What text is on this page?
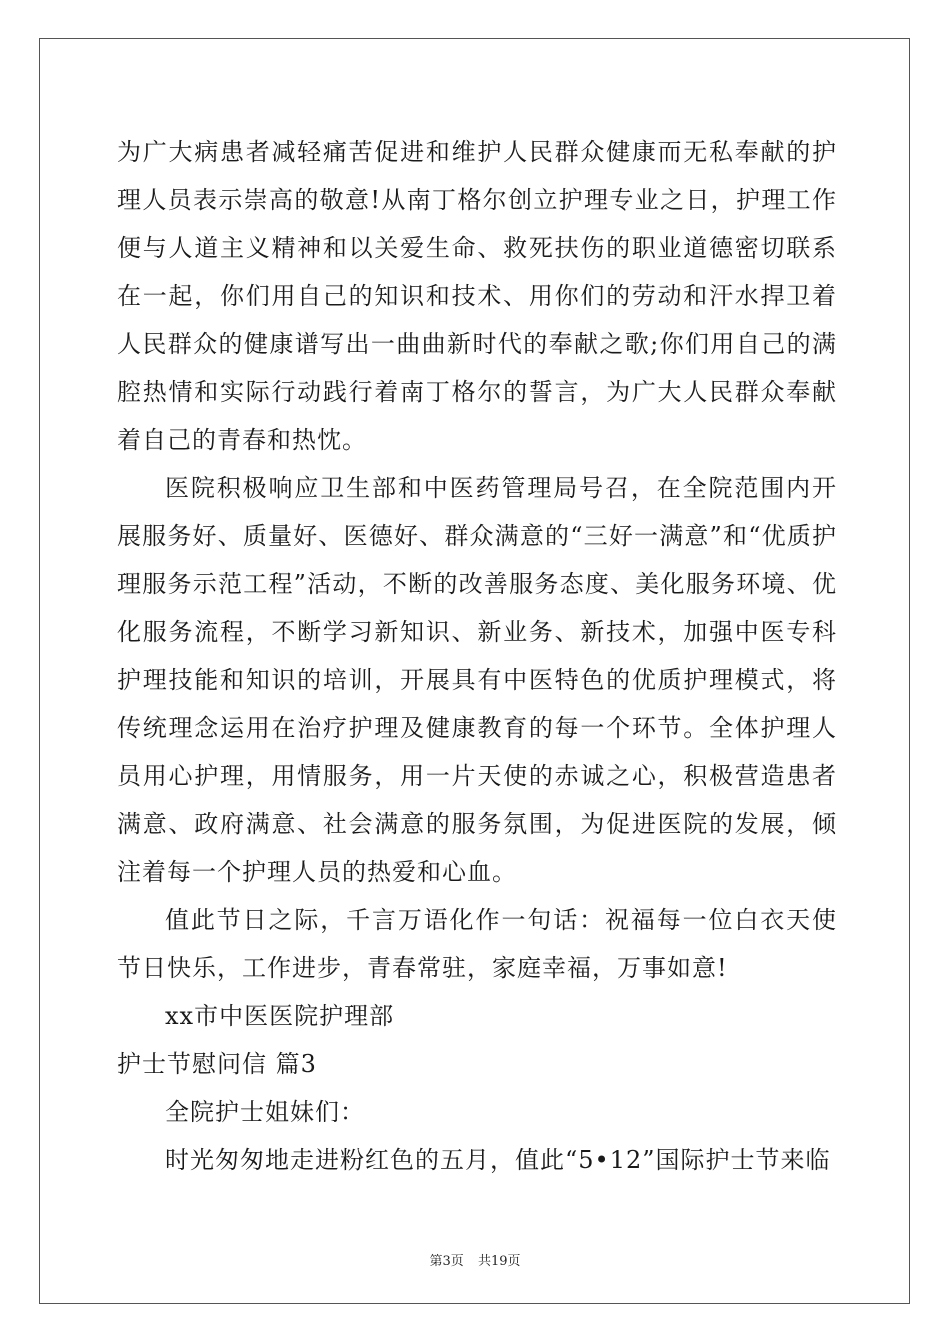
为广大病患者减轻痛苦促进和维护人民群众健康而无私奉献的护理人员表示崇高的敬意!从南丁格尔创立护理专业之日，护理工作便与人道主义精神和以关爱生命、救死扶伤的职业道德密切联系在一起，你们用自己的知识和技术、用你们的劳动和汗水捍卫着人民群众的健康谱写出一曲曲新时代的奉献之歌;你们用自己的满腔热情和实际行动践行着南丁格尔的誓言，为广大人民群众奉献着自己的青春和热忱。

医院积极响应卫生部和中医药管理局号召，在全院范围内开展服务好、质量好、医德好、群众满意的“三好一满意”和“优质护理服务示范工程”活动，不断的改善服务态度、美化服务环境、优化服务流程，不断学习新知识、新业务、新技术，加强中医专科护理技能和知识的培训，开展具有中医特色的优质护理模式，将传统理念运用在治疗护理及健康教育的每一个环节。全体护理人员用心护理，用情服务，用一片天使的赤诚之心，积极营造患者满意、政府满意、社会满意的服务氛围，为促进医院的发展，倾注着每一个护理人员的热爱和心血。

值此节日之际，千言万语化作一句话：祝福每一位白衣天使节日快乐，工作进步，青春常驻，家庭幸福，万事如意!

xx市中医医院护理部

护士节慰问信 篇3

全院护士姐妹们：

时光匆匆地走进粉红色的五月，值此“5•12”国际护士节来临

第3页 共19页
